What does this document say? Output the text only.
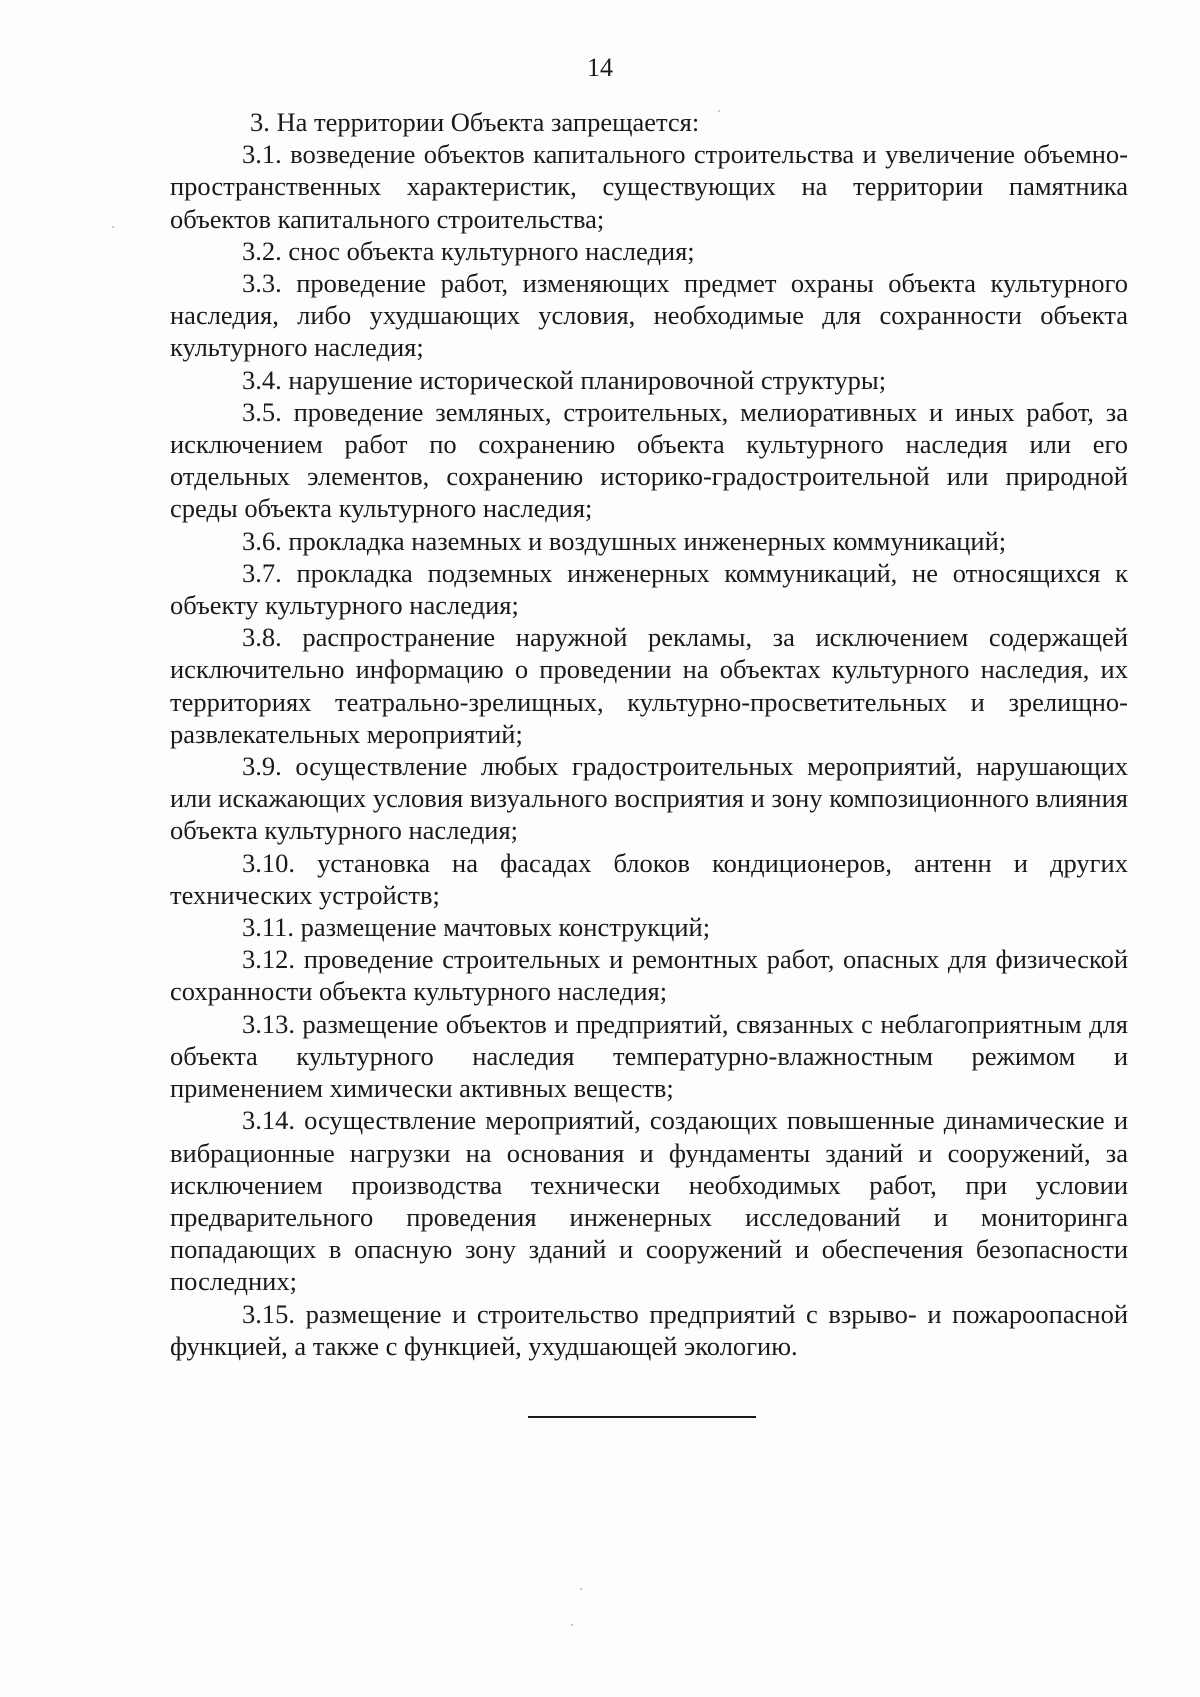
14

3. На территории Объекта запрещается:

3.1. возведение объектов капитального строительства и увеличение объемно-пространственных характеристик, существующих на территории памятника объектов капитального строительства;

3.2. снос объекта культурного наследия;

3.3. проведение работ, изменяющих предмет охраны объекта культурного наследия, либо ухудшающих условия, необходимые для сохранности объекта культурного наследия;

3.4. нарушение исторической планировочной структуры;

3.5. проведение земляных, строительных, мелиоративных и иных работ, за исключением работ по сохранению объекта культурного наследия или его отдельных элементов, сохранению историко-градостроительной или природной среды объекта культурного наследия;

3.6. прокладка наземных и воздушных инженерных коммуникаций;

3.7. прокладка подземных инженерных коммуникаций, не относящихся к объекту культурного наследия;

3.8. распространение наружной рекламы, за исключением содержащей исключительно информацию о проведении на объектах культурного наследия, их территориях театрально-зрелищных, культурно-просветительных и зрелищно-развлекательных мероприятий;

3.9. осуществление любых градостроительных мероприятий, нарушающих или искажающих условия визуального восприятия и зону композиционного влияния объекта культурного наследия;

3.10. установка на фасадах блоков кондиционеров, антенн и других технических устройств;

3.11. размещение мачтовых конструкций;

3.12. проведение строительных и ремонтных работ, опасных для физической сохранности объекта культурного наследия;

3.13. размещение объектов и предприятий, связанных с неблагоприятным для объекта культурного наследия температурно-влажностным режимом и применением химически активных веществ;

3.14. осуществление мероприятий, создающих повышенные динамические и вибрационные нагрузки на основания и фундаменты зданий и сооружений, за исключением производства технически необходимых работ, при условии предварительного проведения инженерных исследований и мониторинга попадающих в опасную зону зданий и сооружений и обеспечения безопасности последних;

3.15. размещение и строительство предприятий с взрыво- и пожароопасной функцией, а также с функцией, ухудшающей экологию.
